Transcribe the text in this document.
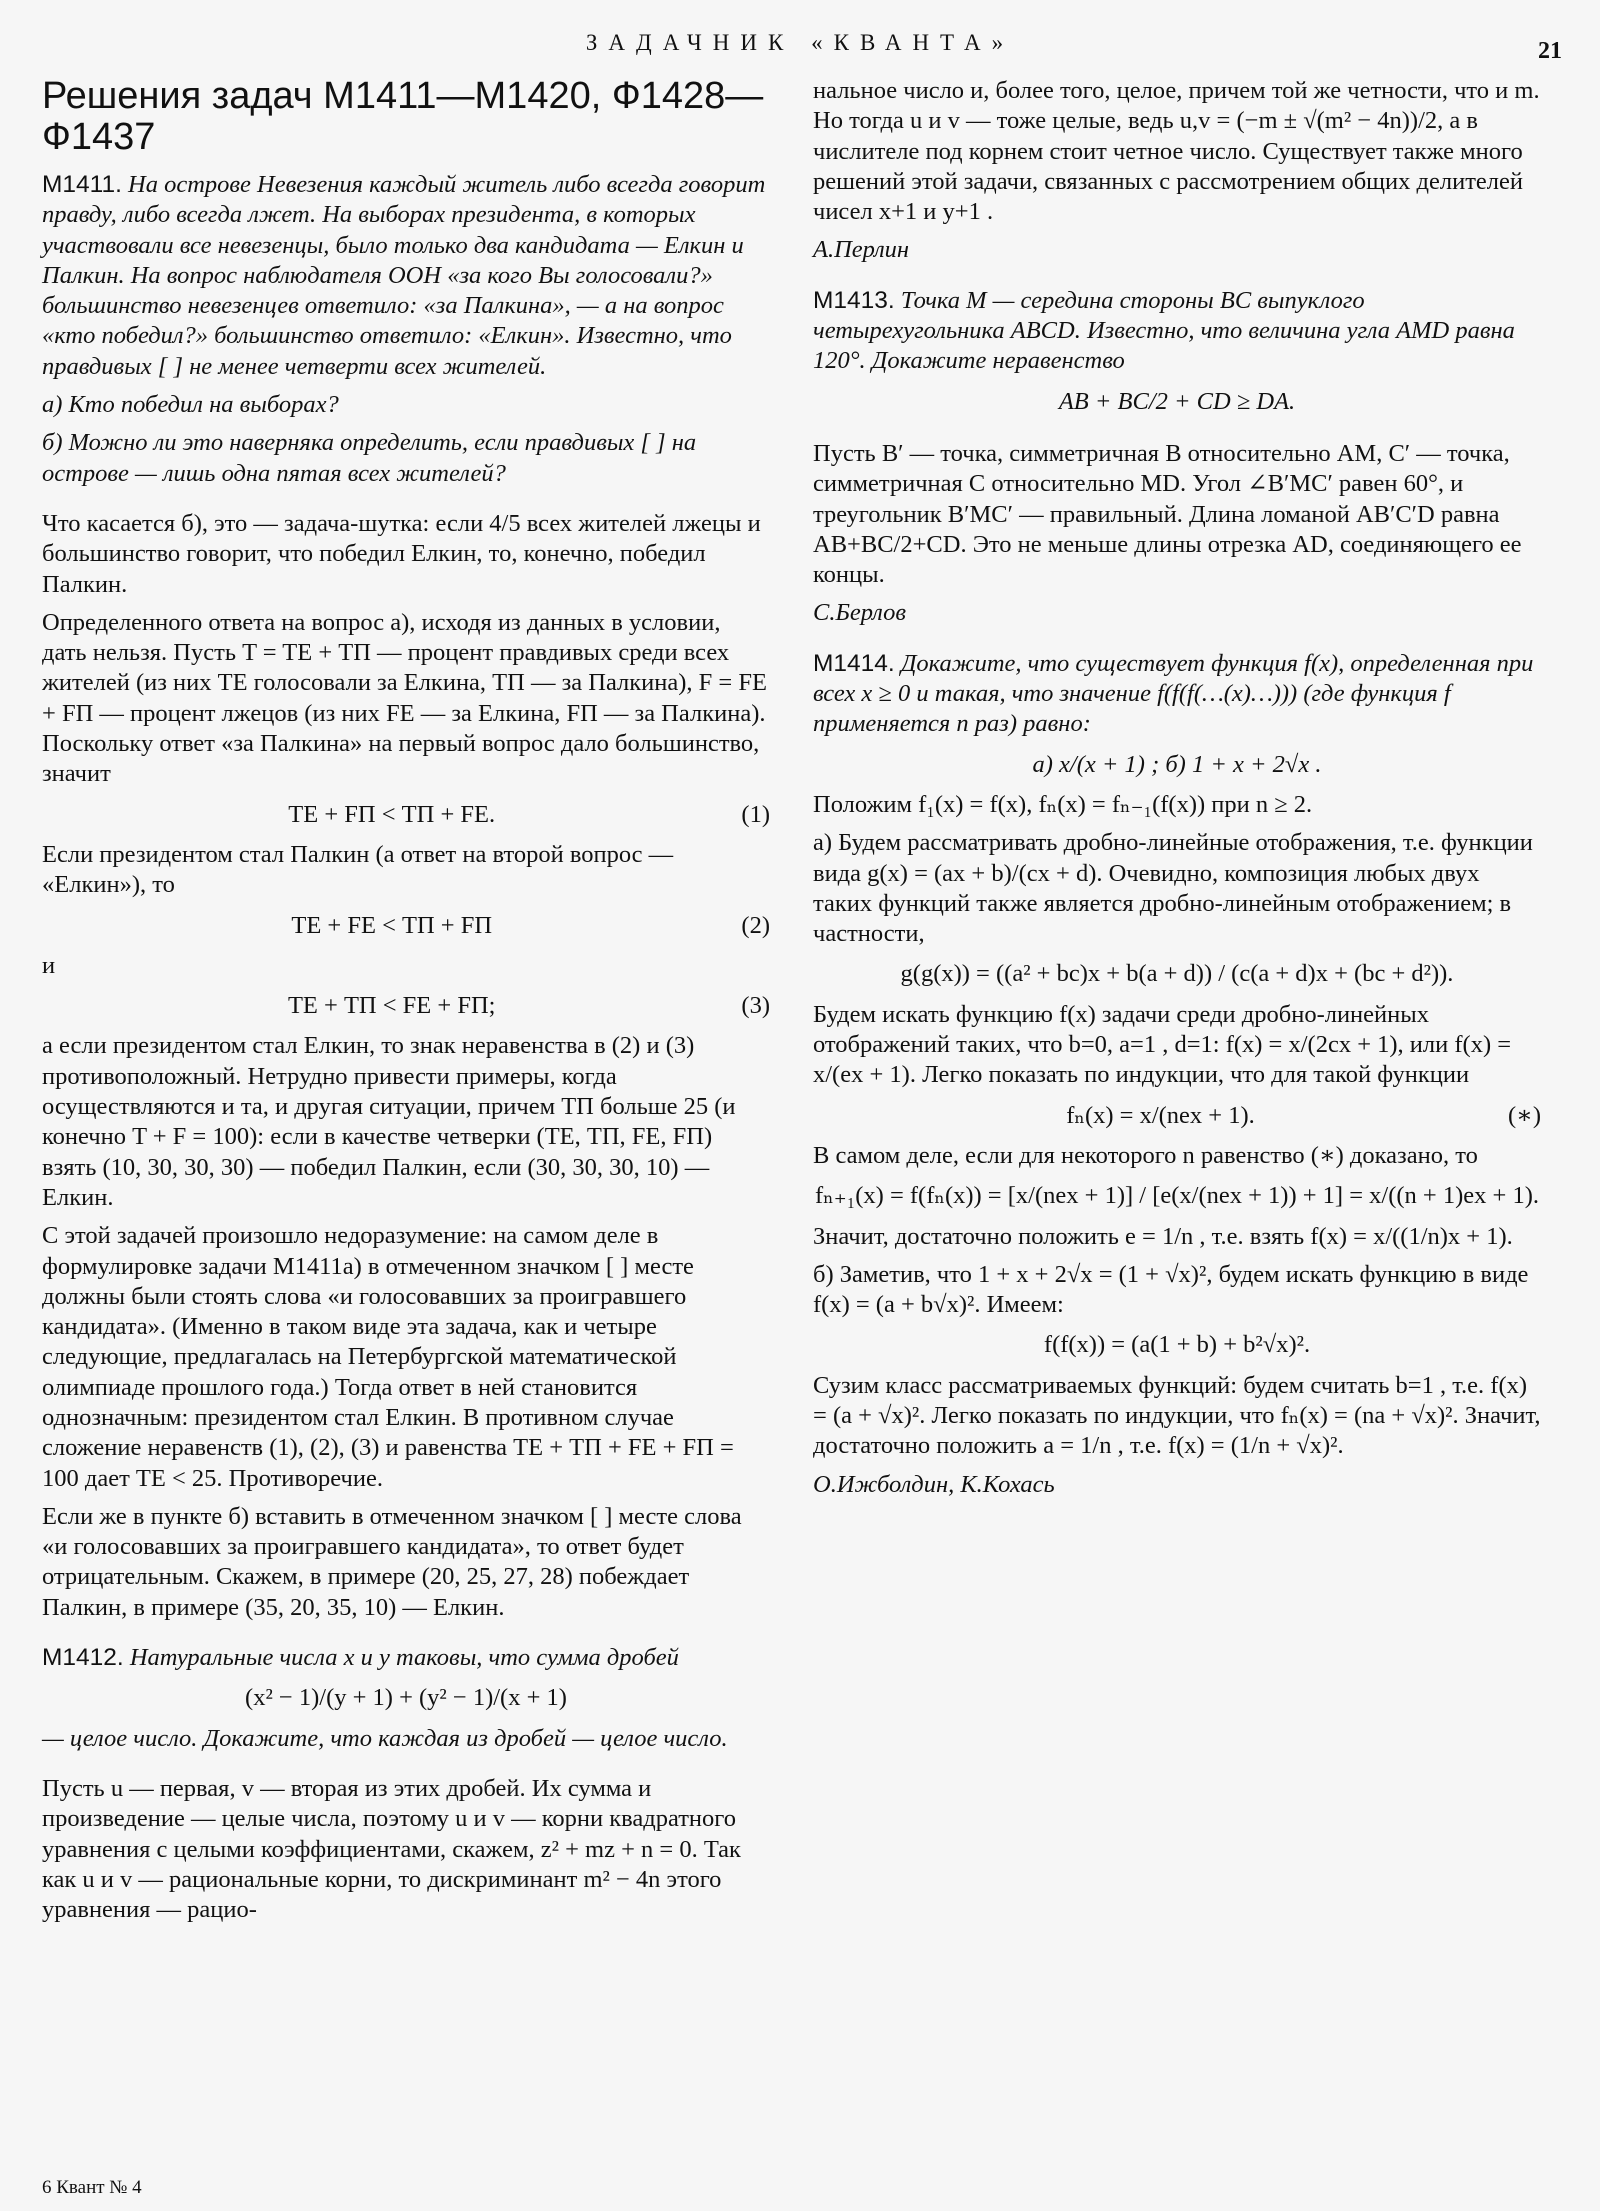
ЗАДАЧНИК «КВАНТА»	21
Решения задач М1411—М1420, Ф1428—Ф1437

М1411. На острове Невезения каждый житель либо всегда говорит правду, либо всегда лжет. На выборах президента, в которых участвовали все невезенцы, было только два кандидата — Елкин и Палкин. На вопрос наблюдателя ООН «за кого Вы голосовали?» большинство невезенцев ответило: «за Палкина», — а на вопрос «кто победил?» большинство ответило: «Елкин». Известно, что правдивых [ ] не менее четверти всех жителей.

а) Кто победил на выборах?

б) Можно ли это наверняка определить, если правдивых [ ] на острове — лишь одна пятая всех жителей?

Что касается б), это — задача-шутка: если 4/5 всех жителей лжецы и большинство говорит, что победил Елкин, то, конечно, победил Палкин.

Определенного ответа на вопрос а), исходя из данных в условии, дать нельзя. Пусть T = TЕ + TП — процент правдивых среди всех жителей (из них TЕ голосовали за Елкина, TП — за Палкина), F = FЕ + FП — процент лжецов (из них FЕ — за Елкина, FП — за Палкина). Поскольку ответ «за Палкина» на первый вопрос дало большинство, значит

TЕ + FП < TП + FЕ.	(1)

Если президентом стал Палкин (а ответ на второй вопрос — «Елкин»), то

TЕ + FЕ < TП + FП	(2)

и

TЕ + TП < FЕ + FП;	(3)

а если президентом стал Елкин, то знак неравенства в (2) и (3) противоположный. Нетрудно привести примеры, когда осуществляются и та, и другая ситуации, причем TП больше 25 (и конечно T + F = 100): если в качестве четверки (TЕ, TП, FЕ, FП) взять (10, 30, 30, 30) — победил Палкин, если (30, 30, 30, 10) — Елкин.

С этой задачей произошло недоразумение: на самом деле в формулировке задачи М1411а) в отмеченном значком [ ] месте должны были стоять слова «и голосовавших за проигравшего кандидата». (Именно в таком виде эта задача, как и четыре следующие, предлагалась на Петербургской математической олимпиаде прошлого года.) Тогда ответ в ней становится однозначным: президентом стал Елкин. В противном случае сложение неравенств (1), (2), (3) и равенства TЕ + TП + FЕ + FП = 100 дает TЕ < 25. Противоречие.

Если же в пункте б) вставить в отмеченном значком [ ] месте слова «и голосовавших за проигравшего кандидата», то ответ будет отрицательным. Скажем, в примере (20, 25, 27, 28) побеждает Палкин, в примере (35, 20, 35, 10) — Елкин.

М1412. Натуральные числа x и y таковы, что сумма дробей

(x² − 1)/(y + 1) + (y² − 1)/(x + 1)

— целое число. Докажите, что каждая из дробей — целое число.

Пусть u — первая, v — вторая из этих дробей. Их сумма и произведение — целые числа, поэтому u и v — корни квадратного уравнения с целыми коэффициентами, скажем, z² + mz + n = 0. Так как u и v — рациональные корни, то дискриминант m² − 4n этого уравнения — рацио-

нальное число и, более того, целое, причем той же четности, что и m. Но тогда u и v — тоже целые, ведь u,v = (−m ± √(m² − 4n))/2, а в числителе под корнем стоит четное число. Существует также много решений этой задачи, связанных с рассмотрением общих делителей чисел x+1 и y+1 .

А.Перлин

М1413. Точка M — середина стороны BC выпуклого четырехугольника ABCD. Известно, что величина угла AMD равна 120°. Докажите неравенство

AB + BC/2 + CD ≥ DA.

Пусть B′ — точка, симметричная B относительно AM, C′ — точка, симметричная C относительно MD. Угол ∠B′MC′ равен 60°, и треугольник B′MC′ — правильный. Длина ломаной AB′C′D равна AB+BC/2+CD. Это не меньше длины отрезка AD, соединяющего ее концы.

С.Берлов

М1414. Докажите, что существует функция f(x), определенная при всех x ≥ 0 и такая, что значение f(f(f(…(x)…))) (где функция f применяется n раз) равно:

а) x/(x + 1) ; б) 1 + x + 2√x .

Положим f₁(x) = f(x), fₙ(x) = fₙ₋₁(f(x)) при n ≥ 2.

а) Будем рассматривать дробно-линейные отображения, т.е. функции вида g(x) = (ax + b)/(cx + d). Очевидно, композиция любых двух таких функций также является дробно-линейным отображением; в частности,

g(g(x)) = ((a² + bc)x + b(a + d)) / (c(a + d)x + (bc + d²)).

Будем искать функцию f(x) задачи среди дробно-линейных отображений таких, что b=0, a=1 , d=1: f(x) = x/(2cx + 1), или f(x) = x/(ex + 1). Легко показать по индукции, что для такой функции

fₙ(x) = x/(nex + 1).	(∗)

В самом деле, если для некоторого n равенство (∗) доказано, то

fₙ₊₁(x) = f(fₙ(x)) = [x/(nex + 1)] / [e(x/(nex + 1)) + 1] = x/((n + 1)ex + 1).

Значит, достаточно положить e = 1/n , т.е. взять f(x) = x/((1/n)x + 1).

б) Заметив, что 1 + x + 2√x = (1 + √x)², будем искать функцию в виде f(x) = (a + b√x)². Имеем:

f(f(x)) = (a(1 + b) + b²√x)².

Сузим класс рассматриваемых функций: будем считать b=1 , т.е. f(x) = (a + √x)². Легко показать по индукции, что fₙ(x) = (na + √x)². Значит, достаточно положить a = 1/n , т.е. f(x) = (1/n + √x)².

О.Ижболдин, К.Кохась

6 Квант № 4
